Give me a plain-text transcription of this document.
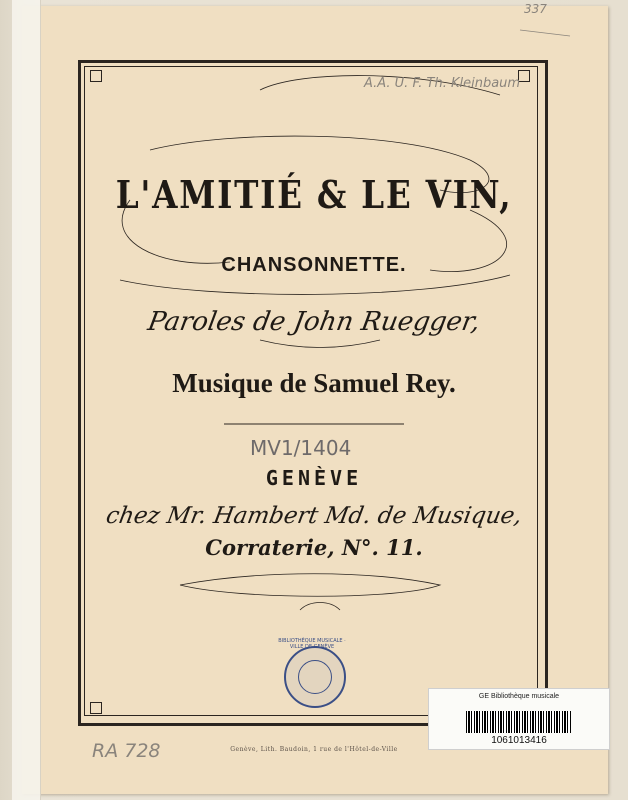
L'AMITIÉ & LE VIN,
CHANSONNETTE.
Paroles de John Ruegger,
Musique de Samuel Rey.
MV1/1404
GENÈVE
chez Mr. Hambert Md. de Musique,
Corraterie, N°. 11.
Genève, Lith. Baudoin, 1 rue de l'Hôtel-de-Ville
A.A. U. F. Th. Kleinbaum
337
RA 728
BIBLIOTHÈQUE MUSICALE · VILLE DE GENÈVE
GE Bibliothèque musicale
1061013416
